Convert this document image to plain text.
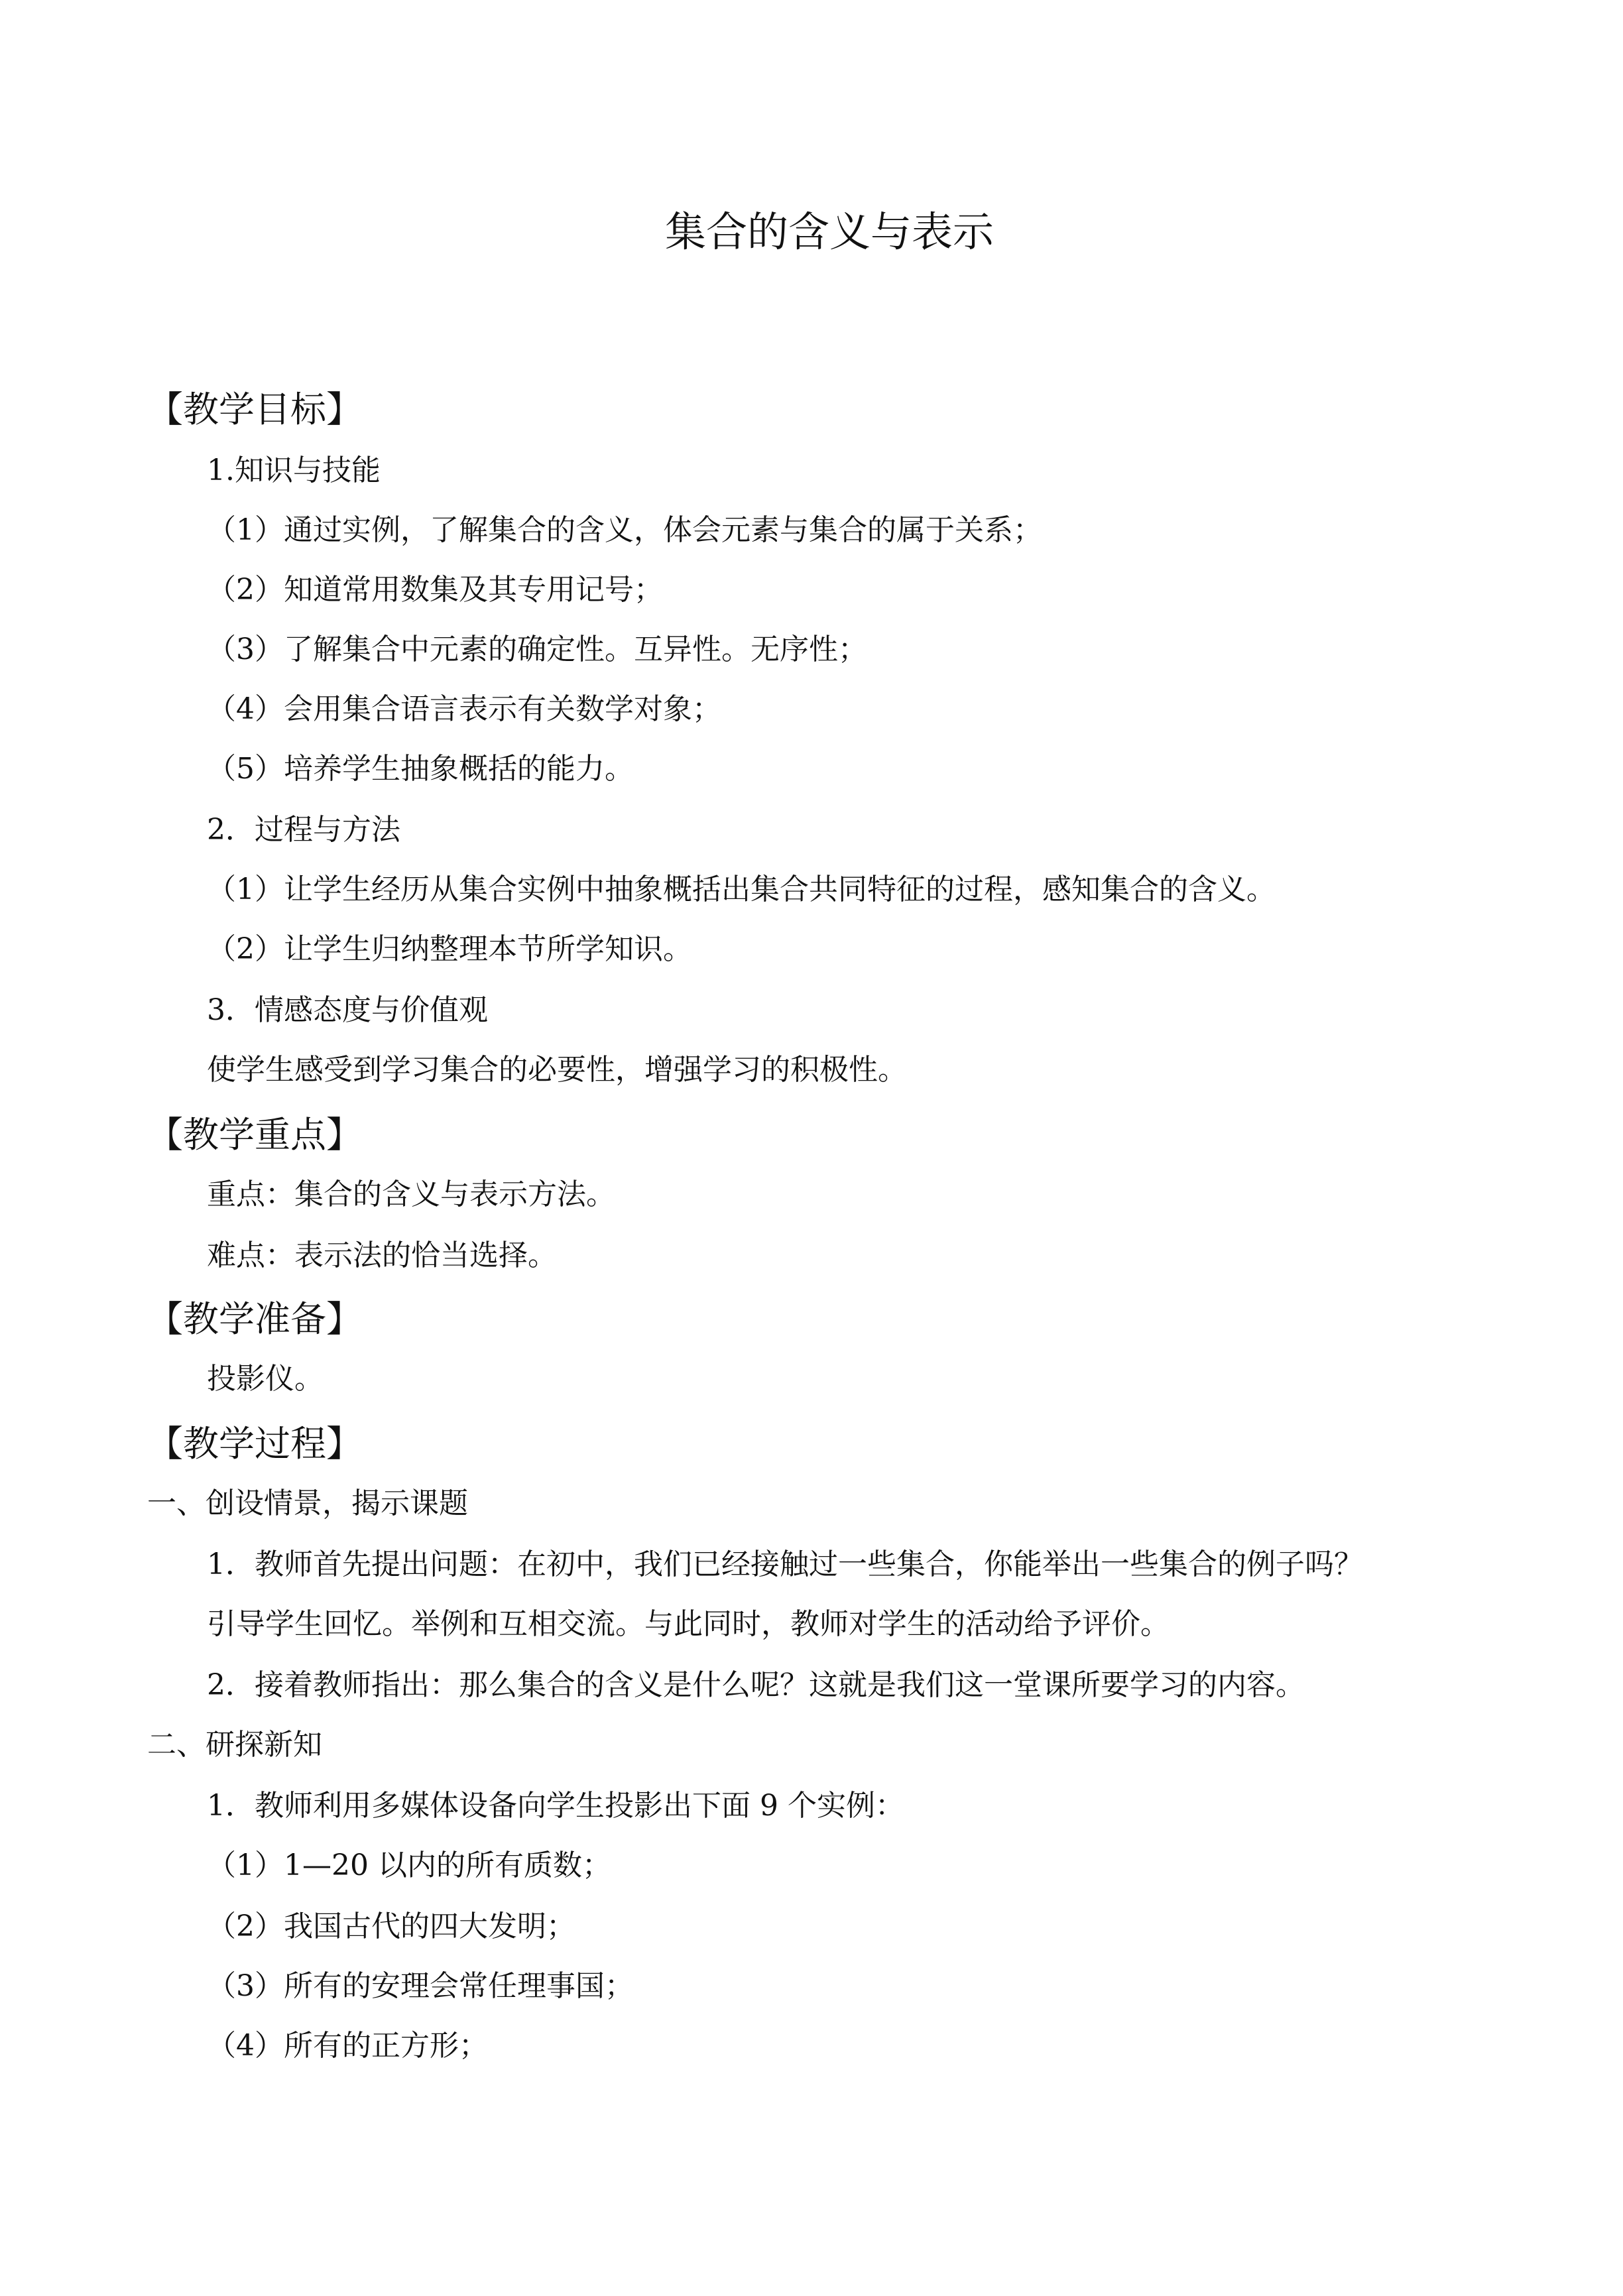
集合的含义与表示
【教学目标】
1.知识与技能
（1）通过实例，了解集合的含义，体会元素与集合的属于关系；
（2）知道常用数集及其专用记号；
（3）了解集合中元素的确定性。互异性。无序性；
（4）会用集合语言表示有关数学对象；
（5）培养学生抽象概括的能力。
2．过程与方法
（1）让学生经历从集合实例中抽象概括出集合共同特征的过程，感知集合的含义。
（2）让学生归纳整理本节所学知识。
3．情感态度与价值观
使学生感受到学习集合的必要性，增强学习的积极性。
【教学重点】
重点：集合的含义与表示方法。
难点：表示法的恰当选择。
【教学准备】
投影仪。
【教学过程】
一、创设情景，揭示课题
1．教师首先提出问题：在初中，我们已经接触过一些集合，你能举出一些集合的例子吗？
引导学生回忆。举例和互相交流。与此同时，教师对学生的活动给予评价。
2．接着教师指出：那么集合的含义是什么呢？这就是我们这一堂课所要学习的内容。
二、研探新知
1．教师利用多媒体设备向学生投影出下面 9 个实例：
（1）1—20 以内的所有质数；
（2）我国古代的四大发明；
（3）所有的安理会常任理事国；
（4）所有的正方形；
